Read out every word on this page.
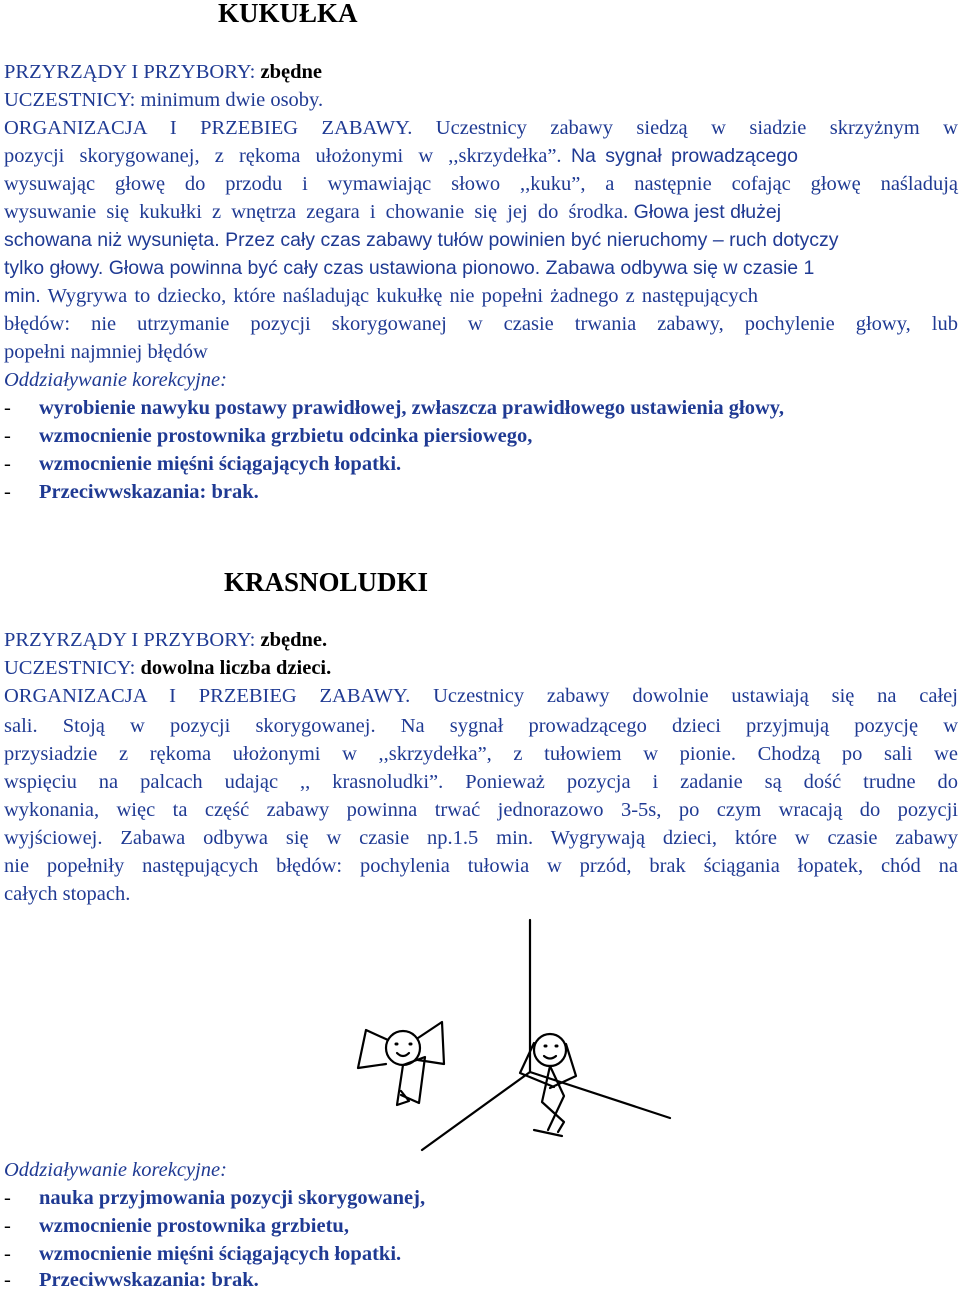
KUKUŁKA
PRZYRZĄDY I PRZYBORY: zbędne
UCZESTNICY: minimum dwie osoby.
ORGANIZACJA I PRZEBIEG ZABAWY. Uczestnicy zabawy siedzą w siadzie skrzyżnym w
pozycji skorygowanej, z rękoma ułożonymi w ,,skrzydełka”. Na sygnał prowadzącego
wysuwając głowę do przodu i wymawiając słowo ,,kuku”, a następnie cofając głowę naśladują
wysuwanie się kukułki z wnętrza zegara i chowanie się jej do środka. Głowa jest dłużej
schowana niż wysunięta. Przez cały czas zabawy tułów powinien być nieruchomy – ruch dotyczy
tylko głowy. Głowa powinna być cały czas ustawiona pionowo. Zabawa odbywa się w czasie 1
min. Wygrywa to dziecko, które naśladując kukułkę nie popełni żadnego z następujących
błędów: nie utrzymanie pozycji skorygowanej w czasie trwania zabawy, pochylenie głowy, lub
popełni najmniej błędów
Oddziaływanie korekcyjne:
- wyrobienie nawyku postawy prawidłowej, zwłaszcza prawidłowego ustawienia głowy,
- wzmocnienie prostownika grzbietu odcinka piersiowego,
- wzmocnienie mięśni ściągających łopatki.
- Przeciwwskazania: brak.
KRASNOLUDKI
PRZYRZĄDY I PRZYBORY: zbędne.
UCZESTNICY: dowolna liczba dzieci.
ORGANIZACJA I PRZEBIEG ZABAWY. Uczestnicy zabawy dowolnie ustawiają się na całej
sali. Stoją w pozycji skorygowanej. Na sygnał prowadzącego dzieci przyjmują pozycję w
przysiadzie z rękoma ułożonymi w ,,skrzydełka”, z tułowiem w pionie. Chodzą po sali we
wspięciu na palcach udając ,, krasnoludki”. Ponieważ pozycja i zadanie są dość trudne do
wykonania, więc ta część zabawy powinna trwać jednorazowo 3-5s, po czym wracają do pozycji
wyjściowej. Zabawa odbywa się w czasie np.1.5 min. Wygrywają dzieci, które w czasie zabawy
nie popełniły następujących błędów: pochylenia tułowia w przód, brak ściągania łopatek, chód na
całych stopach.
Oddziaływanie korekcyjne:
- nauka przyjmowania pozycji skorygowanej,
- wzmocnienie prostownika grzbietu,
- wzmocnienie mięśni ściągających łopatki.
- Przeciwwskazania: brak.
